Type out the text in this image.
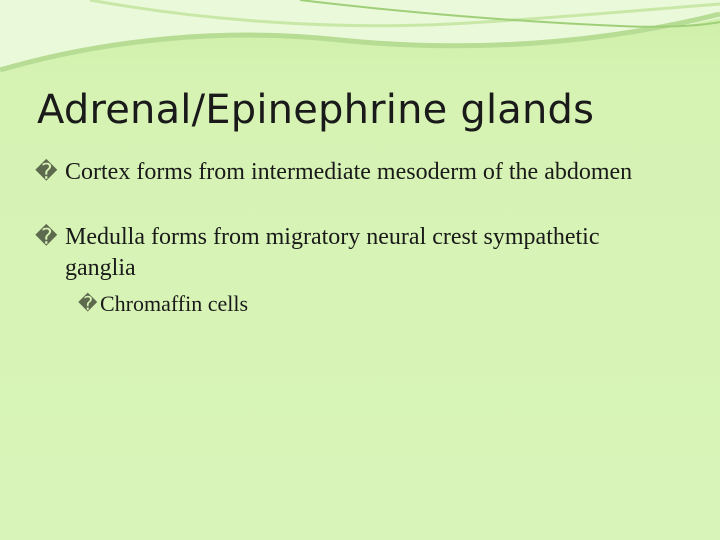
Adrenal/Epinephrine glands
� Cortex forms from intermediate mesoderm of the abdomen
� Medulla forms from migratory neural crest sympathetic ganglia
� Chromaffin cells
